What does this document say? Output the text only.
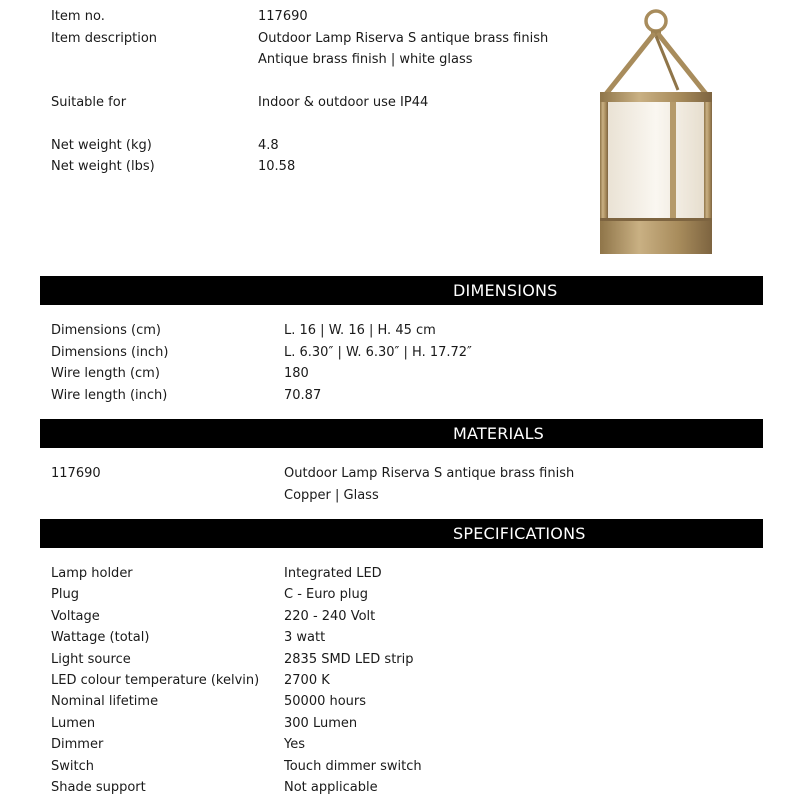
Item no.	117690
Item description	Outdoor Lamp Riserva S antique brass finish
Antique brass finish | white glass
Suitable for	Indoor & outdoor use IP44
Net weight (kg)	4.8
Net weight (lbs)	10.58
DIMENSIONS
Dimensions (cm)	L. 16 | W. 16 | H. 45 cm
Dimensions (inch)	L. 6.30″ | W. 6.30″ | H. 17.72″
Wire length (cm)	180
Wire length (inch)	70.87
MATERIALS
117690	Outdoor Lamp Riserva S antique brass finish
Copper | Glass
SPECIFICATIONS
Lamp holder	Integrated LED
Plug	C - Euro plug
Voltage	220 - 240 Volt
Wattage (total)	3 watt
Light source	2835 SMD LED strip
LED colour temperature (kelvin) 2700 K
Nominal lifetime	50000 hours
Lumen	300 Lumen
Dimmer	Yes
Switch	Touch dimmer switch
Shade support	Not applicable
